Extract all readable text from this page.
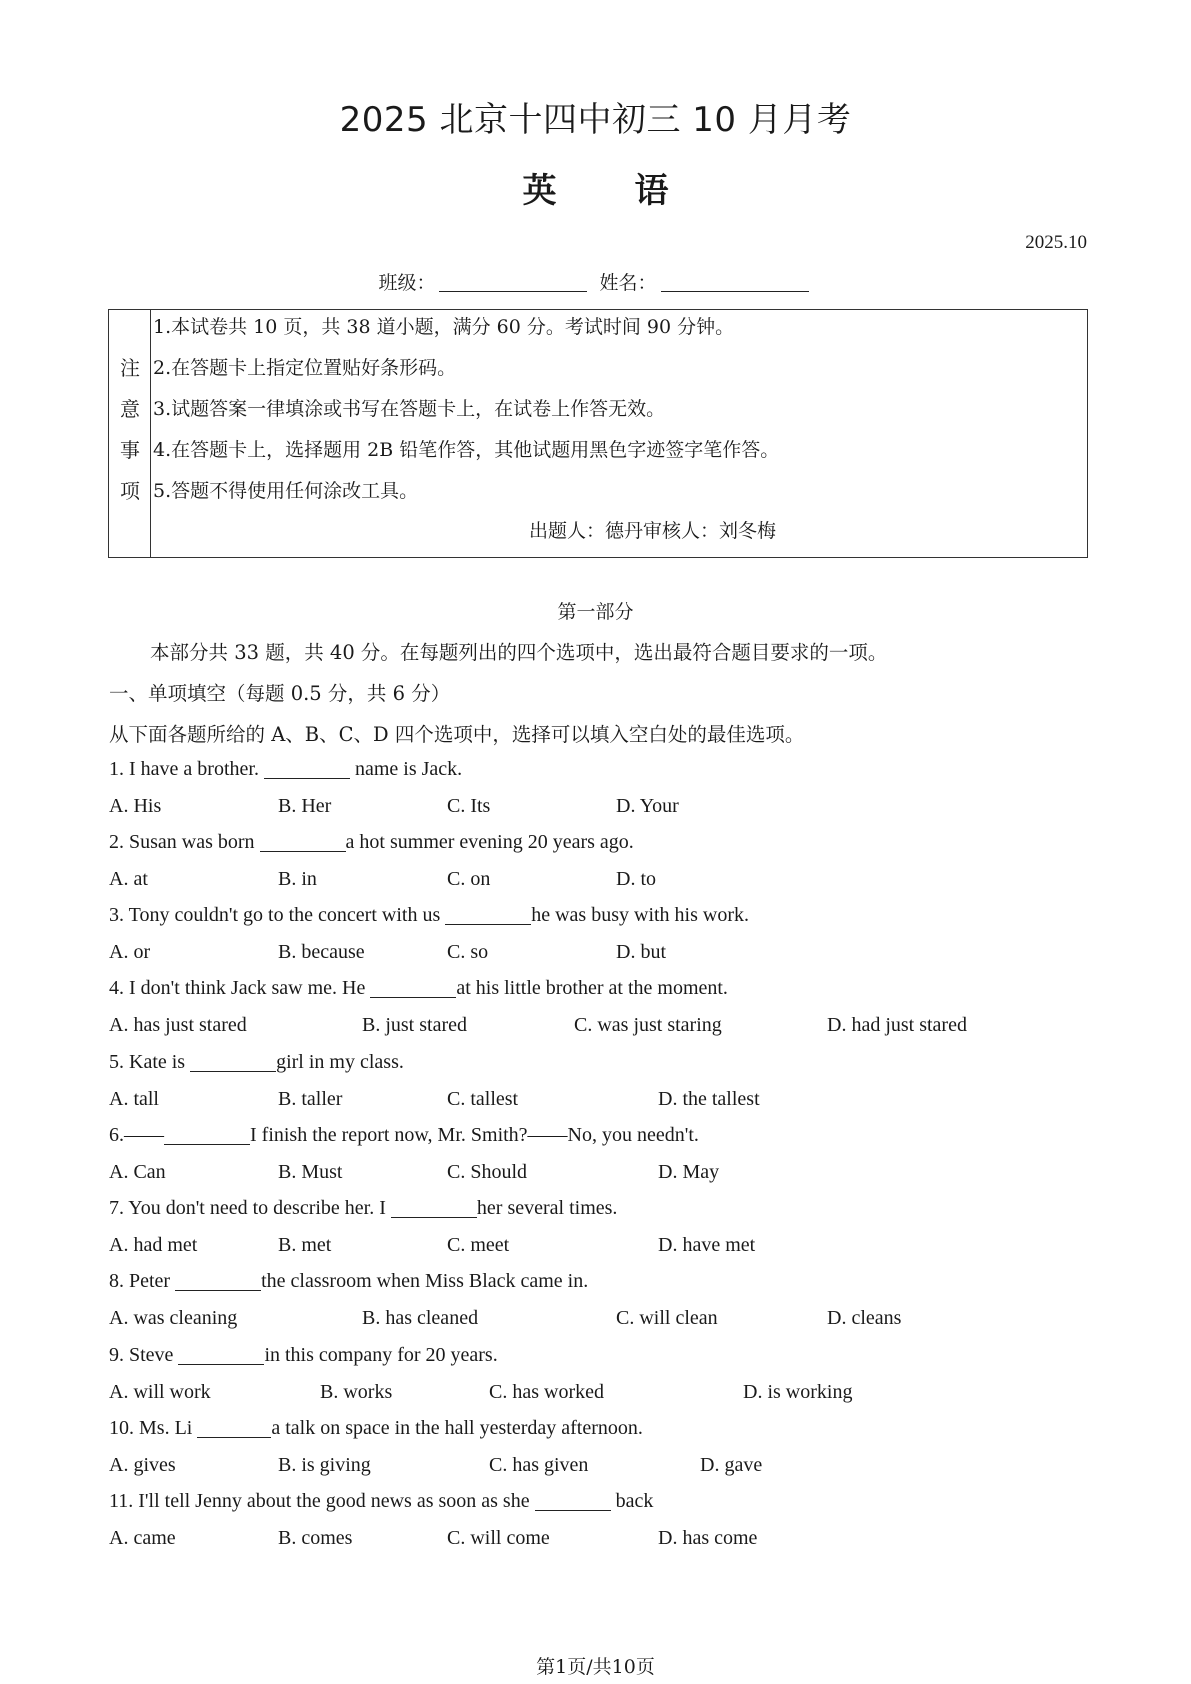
2025 北京十四中初三 10 月月考
英 语
2025.10
班级：	姓名：
注
意
事
项
1.本试卷共 10 页，共 38 道小题，满分 60 分。考试时间 90 分钟。
2.在答题卡上指定位置贴好条形码。
3.试题答案一律填涂或书写在答题卡上，在试卷上作答无效。
4.在答题卡上，选择题用 2B 铅笔作答，其他试题用黑色字迹签字笔作答。
5.答题不得使用任何涂改工具。
出题人：德丹审核人：刘冬梅
第一部分
本部分共 33 题，共 40 分。在每题列出的四个选项中，选出最符合题目要求的一项。
一、单项填空（每题 0.5 分，共 6 分）
从下面各题所给的 A、B、C、D 四个选项中，选择可以填入空白处的最佳选项。
1. I have a brother.	name is Jack.
A. His	B. Her	C. Its	D. Your
2. Susan was born	a hot summer evening 20 years ago.
A. at	B. in	C. on	D. to
3. Tony couldn't go to the concert with us	he was busy with his work.
A. or	B. because	C. so	D. but
4. I don't think Jack saw me. He	at his little brother at the moment.
A. has just stared	B. just stared	C. was just staring	D. had just stared
5. Kate is	girl in my class.
A. tall	B. taller	C. tallest	D. the tallest
6.——	I finish the report now, Mr. Smith?——No, you needn't.
A. Can	B. Must	C. Should	D. May
7. You don't need to describe her. I	her several times.
A. had met	B. met	C. meet	D. have met
8. Peter	the classroom when Miss Black came in.
A. was cleaning	B. has cleaned	C. will clean	D. cleans
9. Steve	in this company for 20 years.
A. will work	B. works	C. has worked	D. is working
10. Ms. Li	a talk on space in the hall yesterday afternoon.
A. gives	B. is giving	C. has given	D. gave
11. I'll tell Jenny about the good news as soon as she	back
A. came	B. comes	C. will come	D. has come
第1页/共10页
